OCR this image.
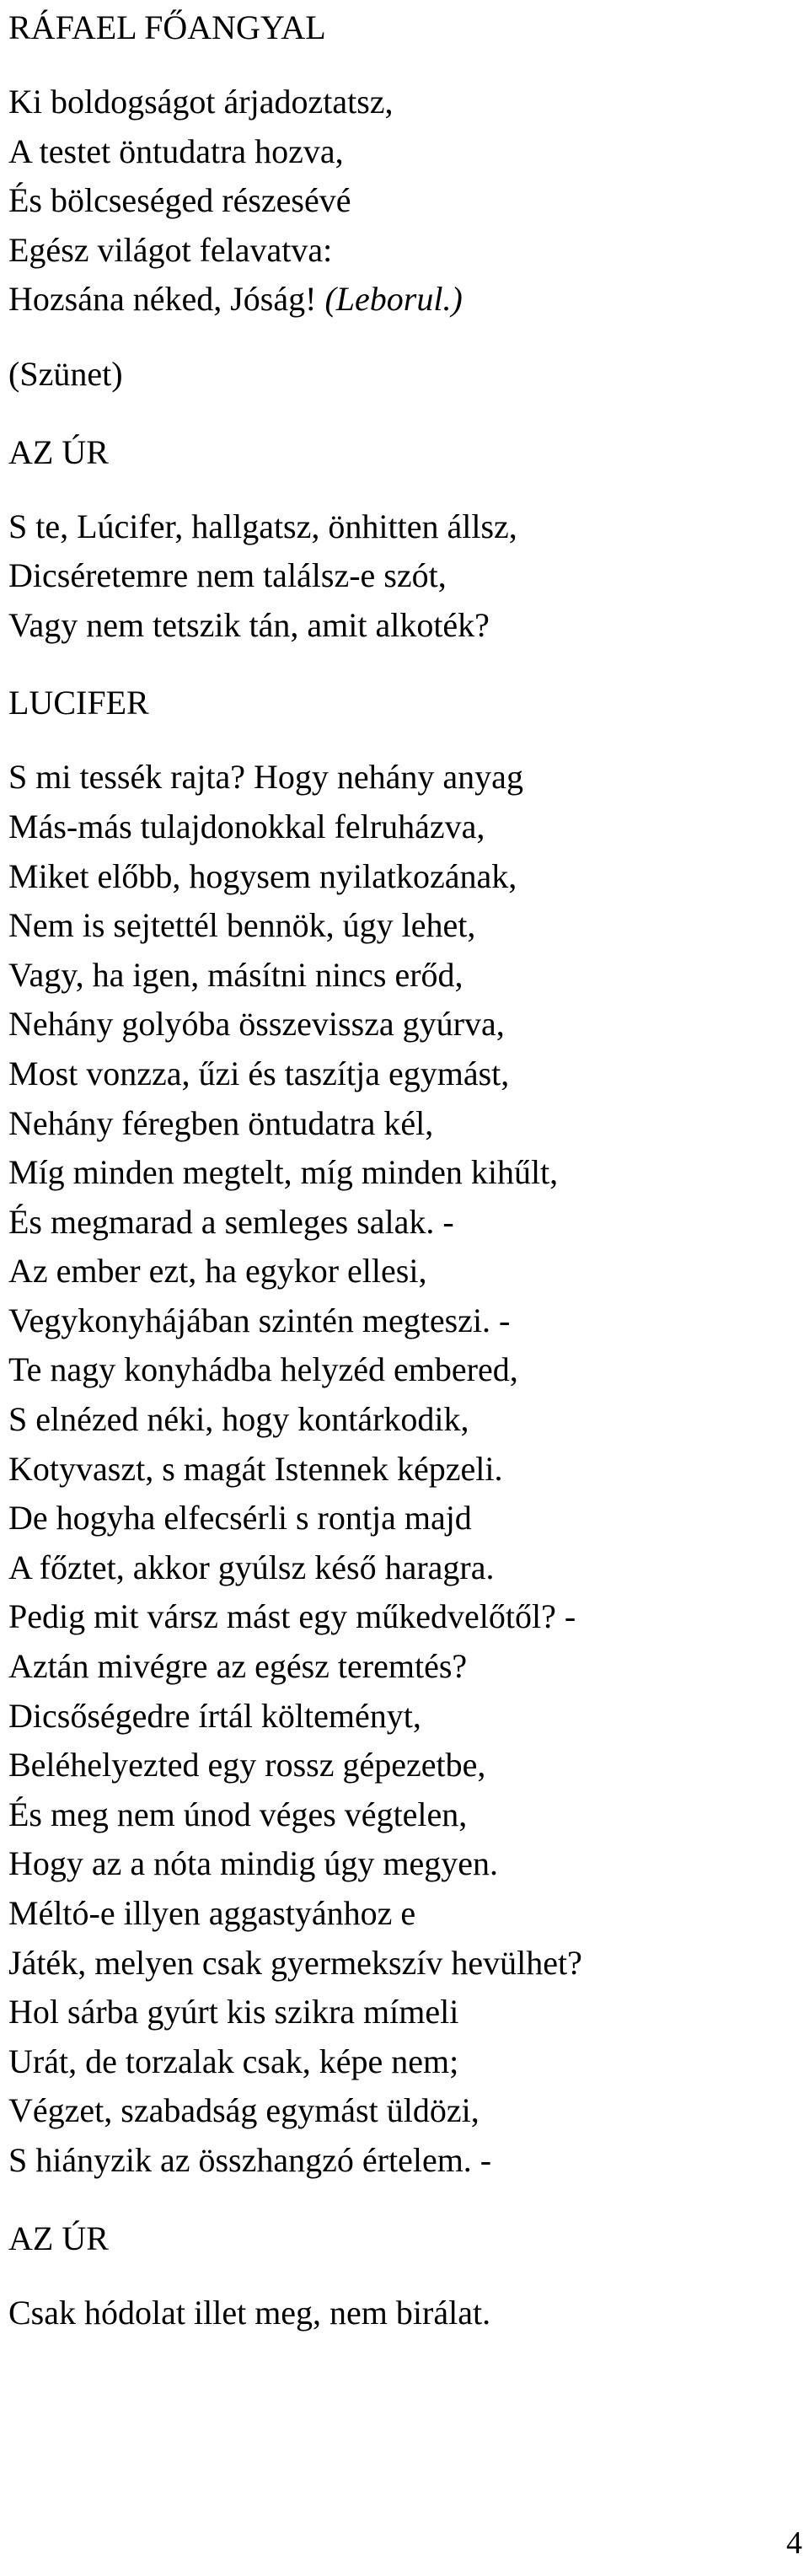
RÁFAEL FŐANGYAL

Ki boldogságot árjadoztatsz,

A testet öntudatra hozva,

És bölcseséged részesévé

Egész világot felavatva:

Hozsána néked, Jóság! (Leborul.)

(Szünet)

AZ ÚR

S te, Lúcifer, hallgatsz, önhitten állsz,

Dicséretemre nem találsz-e szót,

Vagy nem tetszik tán, amit alkoték?

LUCIFER

S mi tessék rajta? Hogy nehány anyag

Más-más tulajdonokkal felruházva,

Miket előbb, hogysem nyilatkozának,

Nem is sejtettél bennök, úgy lehet,

Vagy, ha igen, másítni nincs erőd,

Nehány golyóba összevissza gyúrva,

Most vonzza, űzi és taszítja egymást,

Nehány féregben öntudatra kél,

Míg minden megtelt, míg minden kihűlt,

És megmarad a semleges salak. -

Az ember ezt, ha egykor ellesi,

Vegykonyhájában szintén megteszi. -

Te nagy konyhádba helyzéd embered,

S elnézed néki, hogy kontárkodik,

Kotyvaszt, s magát Istennek képzeli.

De hogyha elfecsérli s rontja majd

A főztet, akkor gyúlsz késő haragra.

Pedig mit vársz mást egy műkedvelőtől? -

Aztán mivégre az egész teremtés?

Dicsőségedre írtál költeményt,

Beléhelyezted egy rossz gépezetbe,

És meg nem únod véges végtelen,

Hogy az a nóta mindig úgy megyen.

Méltó-e illyen aggastyánhoz e

Játék, melyen csak gyermekszív hevülhet?

Hol sárba gyúrt kis szikra mímeli

Urát, de torzalak csak, képe nem;

Végzet, szabadság egymást üldözi,

S hiányzik az összhangzó értelem. -

AZ ÚR

Csak hódolat illet meg, nem birálat.

4
